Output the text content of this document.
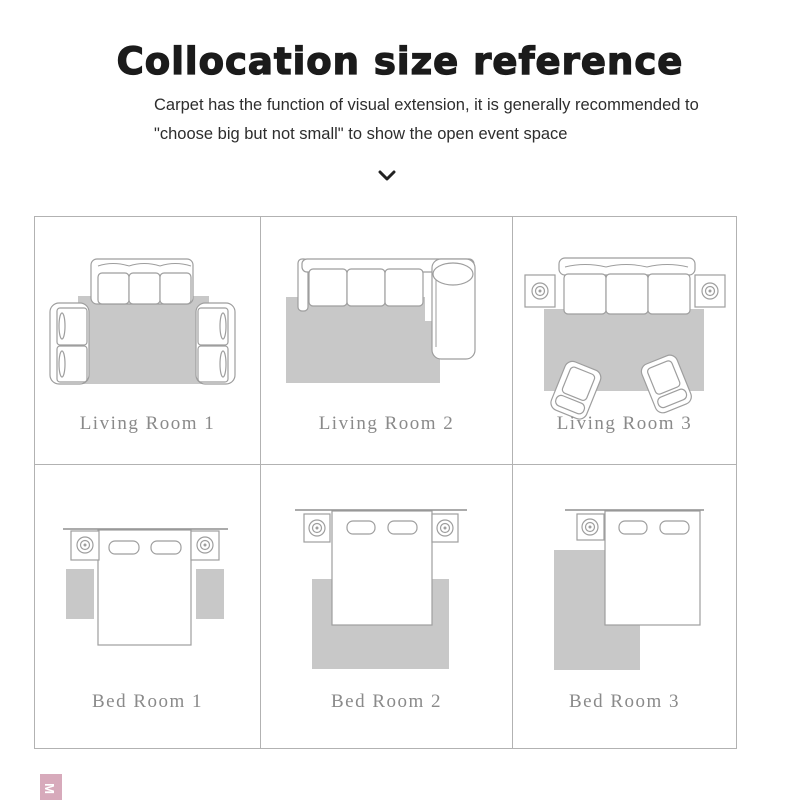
Collocation size reference
Carpet has the function of visual extension, it is generally recommended to
"choose big but not small" to show the open event space
Living Room 1	Living Room 2	Living Room 3
Bed Room 1	Bed Room 2	Bed Room 3
M
